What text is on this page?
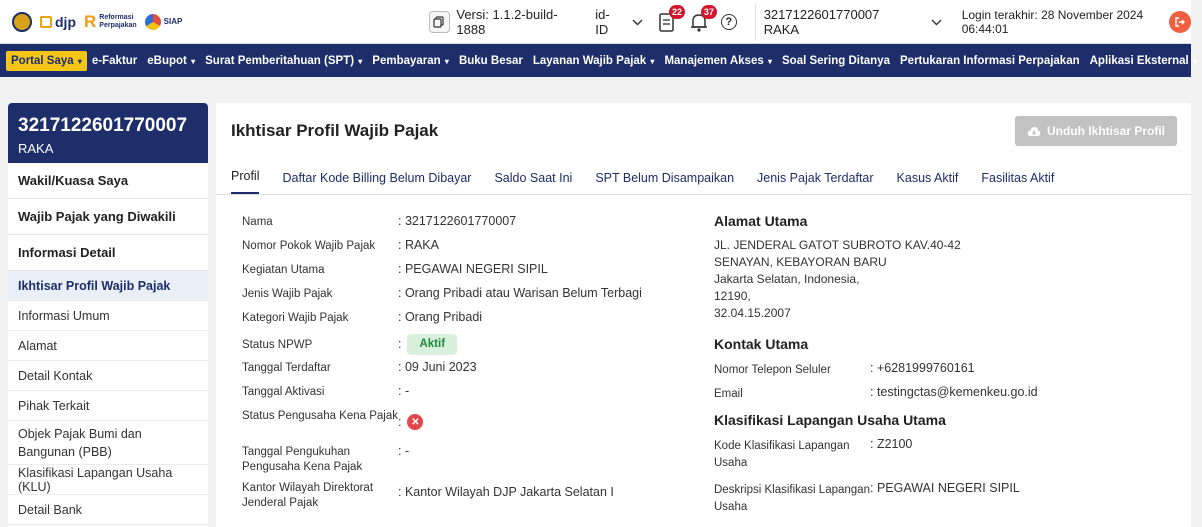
djp R Reformasi
Perpajakan	SIAP	Versi: 1.1.2-build-1888
id-ID
22	37
?	3217122601770007 RAKA
Login terakhir: 28 November 2024 06:44:01
Portal Saya ▾ e-Faktur eBupot ▾ Surat Pemberitahuan (SPT) ▾ Pembayaran ▾ Buku Besar Layanan Wajib Pajak ▾ Manajemen Akses ▾ Soal Sering Ditanya Pertukaran Informasi Perpajakan Aplikasi Eksternal ▾
3217122601770007
RAKA
Wakil/Kuasa Saya
Wajib Pajak yang Diwakili
Informasi Detail
Ikhtisar Profil Wajib Pajak
Informasi Umum
Alamat
Detail Kontak
Pihak Terkait
Objek Pajak Bumi dan Bangunan (PBB)
Klasifikasi Lapangan Usaha (KLU)
Detail Bank
Ikhtisar Profil Wajib Pajak	Unduh Ikhtisar Profil
Profil Daftar Kode Billing Belum Dibayar Saldo Saat Ini SPT Belum Disampaikan Jenis Pajak Terdaftar Kasus Aktif Fasilitas Aktif
Nama	: 3217122601770007
Nomor Pokok Wajib Pajak	: RAKA
Kegiatan Utama	: PEGAWAI NEGERI SIPIL
Jenis Wajib Pajak	: Orang Pribadi atau Warisan Belum Terbagi
Kategori Wajib Pajak	: Orang Pribadi
Status NPWP	:	Aktif
Tanggal Terdaftar	: 09 Juni 2023
Tanggal Aktivasi	: -
Status Pengusaha Kena Pajak : ✕
Tanggal Pengukuhan Pengusaha Kena Pajak
: -
Kantor Wilayah Direktorat Jenderal Pajak
: Kantor Wilayah DJP Jakarta Selatan I
Alamat Utama
JL. JENDERAL GATOT SUBROTO KAV.40-42
SENAYAN, KEBAYORAN BARU
Jakarta Selatan, Indonesia,
12190,
32.04.15.2007
Kontak Utama
Nomor Telepon Seluler	: +6281999760161
Email	: testingctas@kemenkeu.go.id
Klasifikasi Lapangan Usaha Utama
Kode Klasifikasi Lapangan Usaha
: Z2100
Deskripsi Klasifikasi Lapangan Usaha
: PEGAWAI NEGERI SIPIL
